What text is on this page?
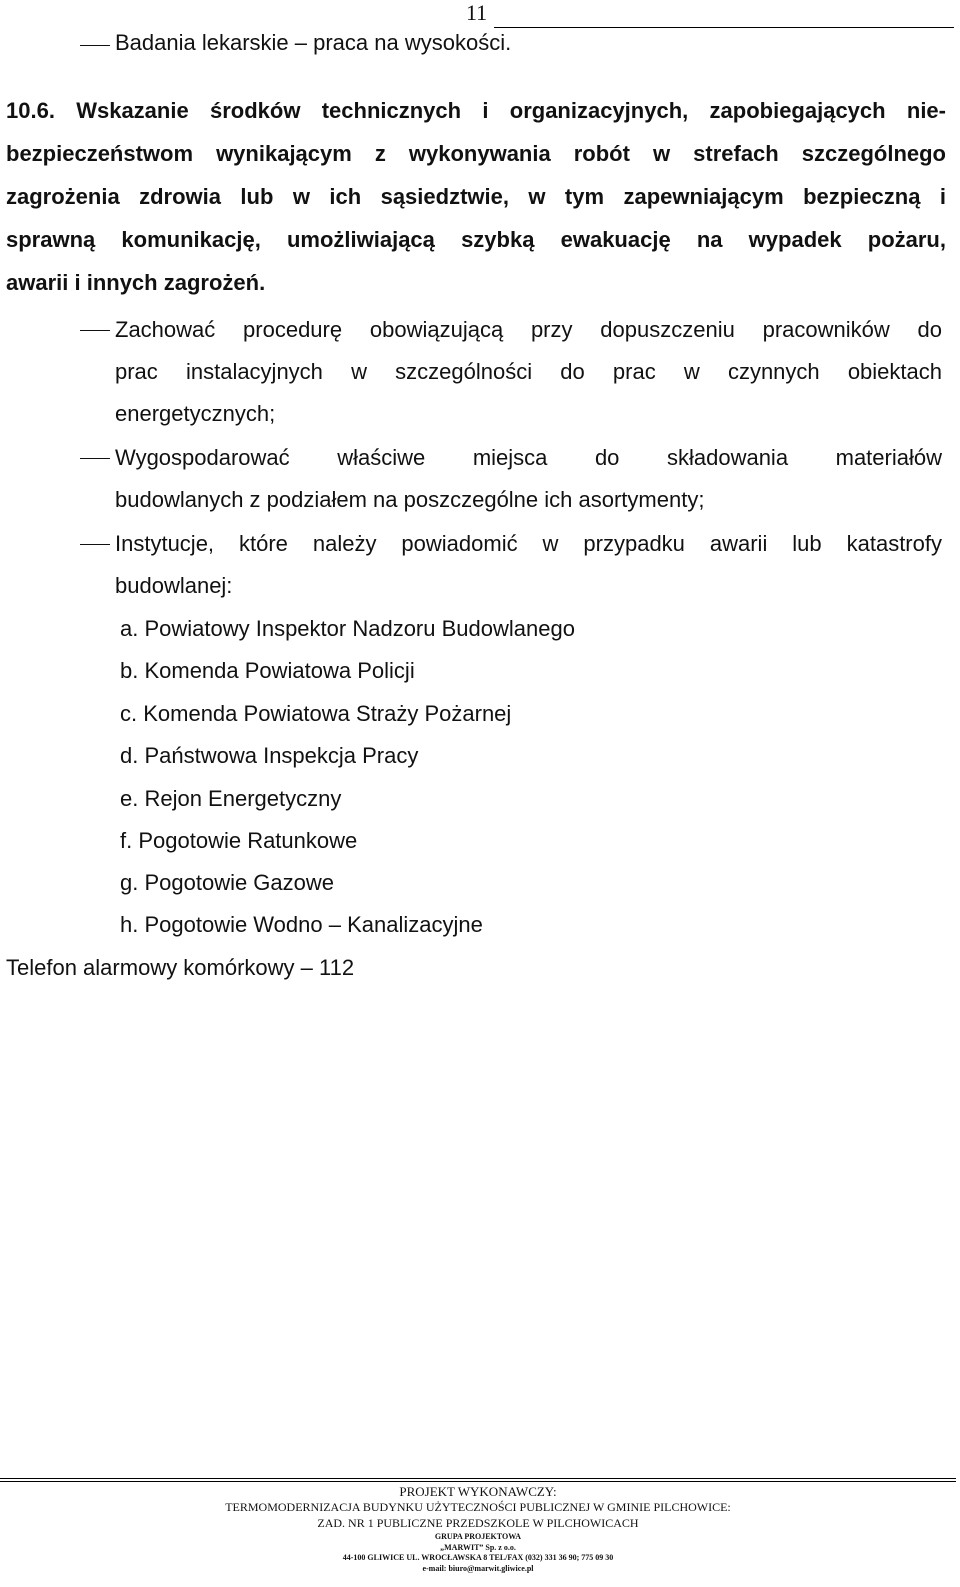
11
Badania lekarskie – praca na wysokości.
10.6. Wskazanie środków technicznych i organizacyjnych, zapobiegających nie-
bezpieczeństwom wynikającym z wykonywania robót w strefach szczególnego
zagrożenia zdrowia lub w ich sąsiedztwie, w tym zapewniającym bezpieczną i
sprawną komunikację, umożliwiającą szybką ewakuację na wypadek pożaru,
awarii i innych zagrożeń.
Zachować procedurę obowiązującą przy dopuszczeniu pracowników do
prac instalacyjnych w szczególności do prac w czynnych obiektach
energetycznych;
Wygospodarować właściwe miejsca do składowania materiałów
budowlanych z podziałem na poszczególne ich asortymenty;
Instytucje, które należy powiadomić w przypadku awarii lub katastrofy
budowlanej:
a. Powiatowy Inspektor Nadzoru Budowlanego
b. Komenda Powiatowa Policji
c. Komenda Powiatowa Straży Pożarnej
d. Państwowa Inspekcja Pracy
e. Rejon Energetyczny
f. Pogotowie Ratunkowe
g. Pogotowie Gazowe
h. Pogotowie Wodno – Kanalizacyjne
Telefon alarmowy komórkowy – 112
PROJEKT WYKONAWCZY:
TERMOMODERNIZACJA BUDYNKU UŻYTECZNOŚCI PUBLICZNEJ W GMINIE PILCHOWICE:
ZAD. NR 1 PUBLICZNE PRZEDSZKOLE W PILCHOWICACH
GRUPA PROJEKTOWA
„MARWIT” Sp. z o.o.
44-100 GLIWICE UL. WROCŁAWSKA 8 TEL/FAX (032) 331 36 90; 775 09 30
e-mail: biuro@marwit.gliwice.pl
